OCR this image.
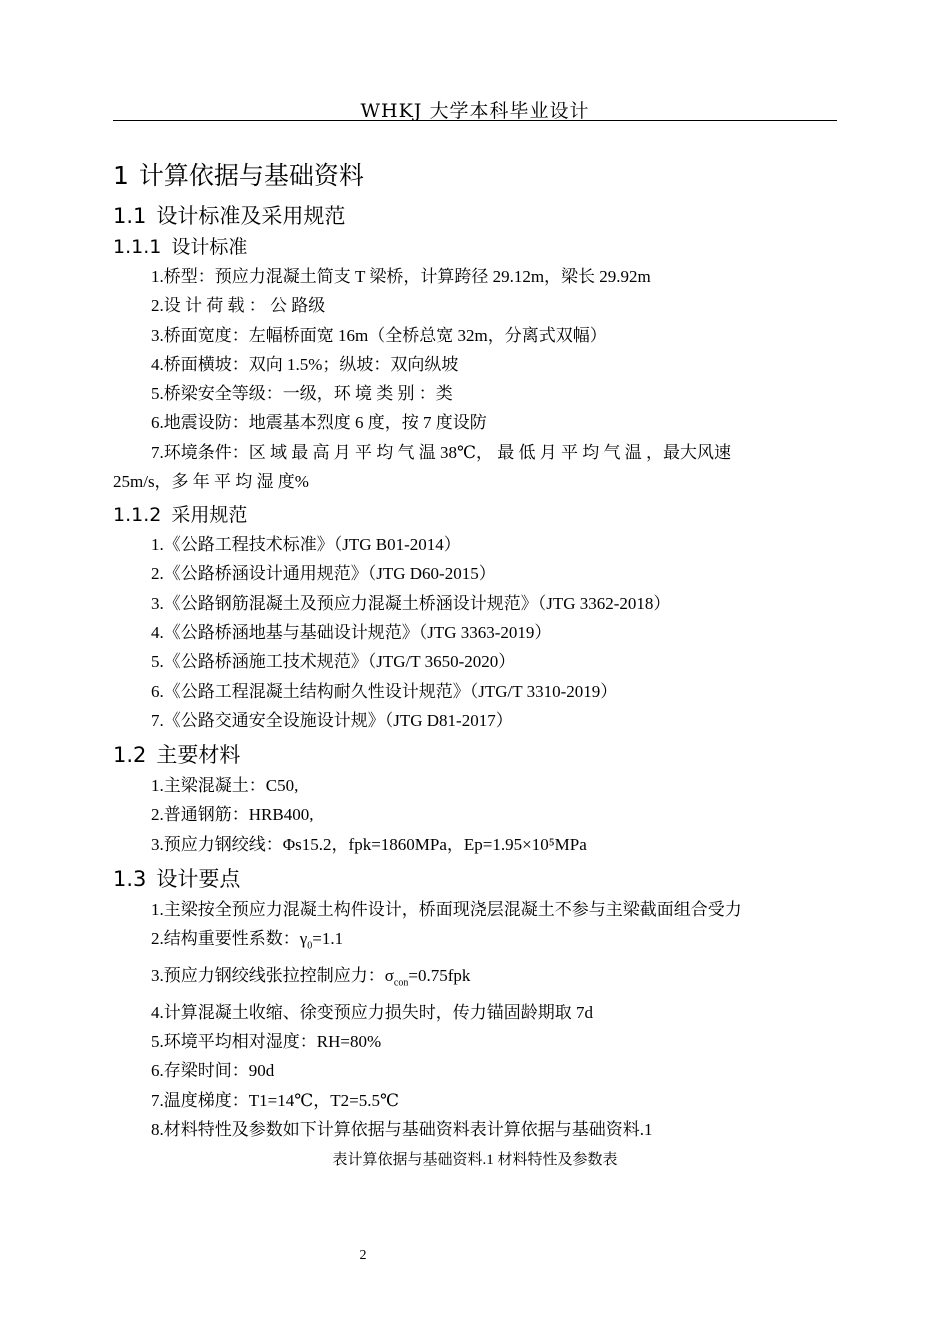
WHKJ 大学本科毕业设计
1 计算依据与基础资料
1.1 设计标准及采用规范
1.1.1 设计标准
1.桥型：预应力混凝土简支 T 梁桥，计算跨径 29.12m，梁长 29.92m
2.设 计 荷 载 ： 公 路级
3.桥面宽度：左幅桥面宽 16m（全桥总宽 32m，分离式双幅）
4.桥面横坡：双向 1.5%；纵坡：双向纵坡
5.桥梁安全等级：一级，环 境 类 别 ：类
6.地震设防：地震基本烈度 6 度，按 7 度设防
7.环境条件：区 域 最 高 月 平 均 气 温 38℃， 最 低 月 平 均 气 温 ，最大风速
25m/s，多 年 平 均 湿 度%
1.1.2 采用规范
1.《公路工程技术标准》（JTG B01-2014）
2.《公路桥涵设计通用规范》（JTG D60-2015）
3.《公路钢筋混凝土及预应力混凝土桥涵设计规范》（JTG 3362-2018）
4.《公路桥涵地基与基础设计规范》（JTG 3363-2019）
5.《公路桥涵施工技术规范》（JTG/T 3650-2020）
6.《公路工程混凝土结构耐久性设计规范》（JTG/T 3310-2019）
7.《公路交通安全设施设计规》（JTG D81-2017）
1.2 主要材料
1.主梁混凝土：C50,
2.普通钢筋：HRB400,
3.预应力钢绞线：Φs15.2，fpk=1860MPa，Ep=1.95×10⁵MPa
1.3 设计要点
1.主梁按全预应力混凝土构件设计，桥面现浇层混凝土不参与主梁截面组合受力
2.结构重要性系数：$\gamma_0=1.1$
3.预应力钢绞线张拉控制应力：$\sigma_{con}=0.75fpk$
4.计算混凝土收缩、徐变预应力损失时，传力锚固龄期取 7d
5.环境平均相对湿度：RH=80%
6.存梁时间：90d
7.温度梯度：T1=14℃，T2=5.5℃
8.材料特性及参数如下计算依据与基础资料表计算依据与基础资料.1
表计算依据与基础资料.1 材料特性及参数表
2
